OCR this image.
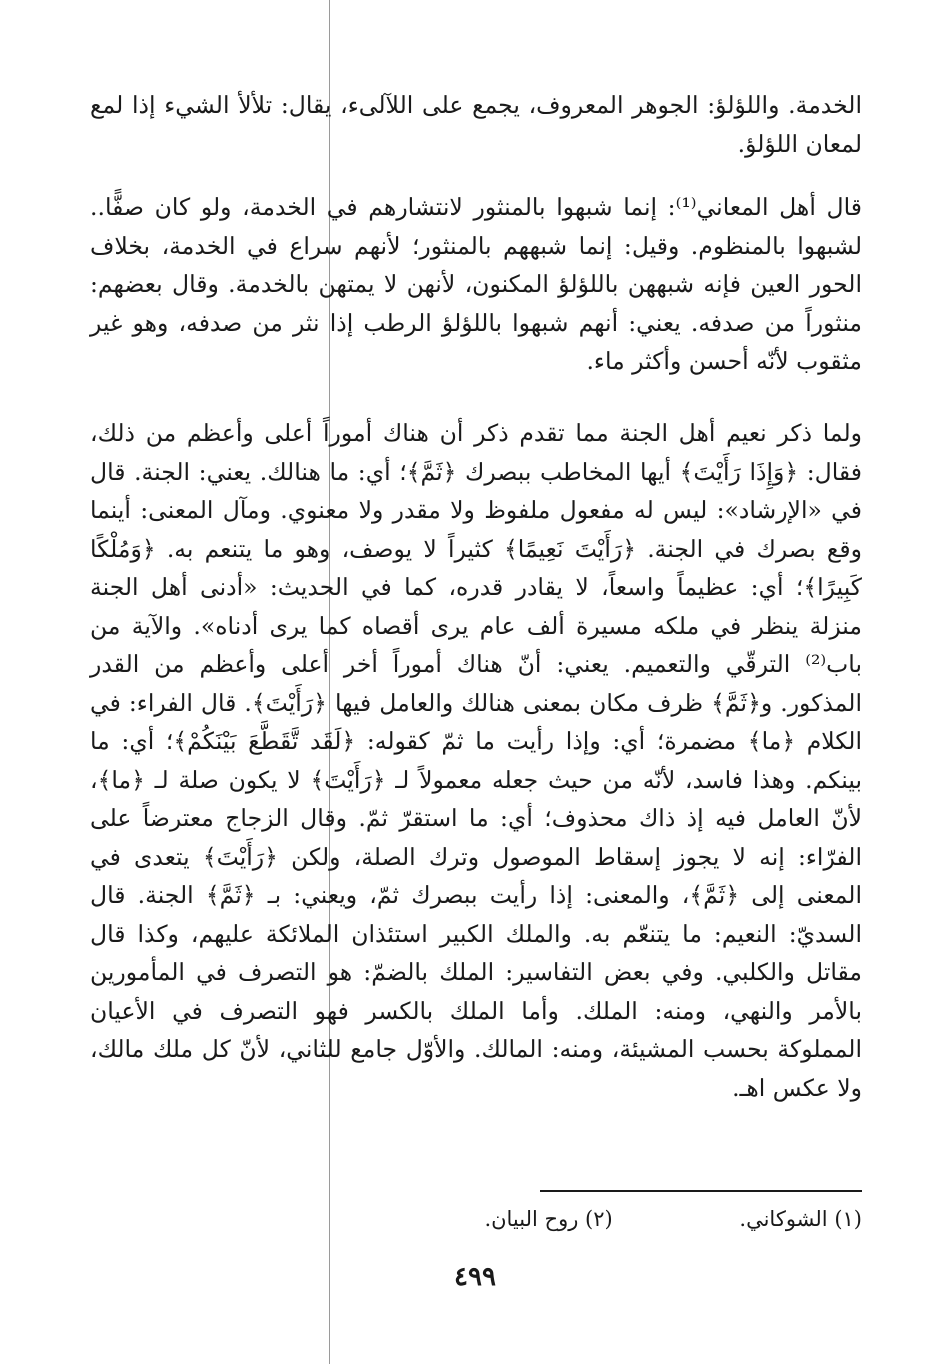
الخدمة. واللؤلؤ: الجوهر المعروف، يجمع على اللآلىء، يقال: تلألأ الشيء إذا لمع لمعان اللؤلؤ.

قال أهل المعاني⁽¹⁾: إنما شبهوا بالمنثور لانتشارهم في الخدمة، ولو كان صفًّا.. لشبهوا بالمنظوم. وقيل: إنما شبههم بالمنثور؛ لأنهم سراع في الخدمة، بخلاف الحور العين فإنه شبههن باللؤلؤ المكنون، لأنهن لا يمتهن بالخدمة. وقال بعضهم: منثوراً من صدفه. يعني: أنهم شبهوا باللؤلؤ الرطب إذا نثر من صدفه، وهو غير مثقوب لأنّه أحسن وأكثر ماء.

ولما ذكر نعيم أهل الجنة مما تقدم ذكر أن هناك أموراً أعلى وأعظم من ذلك، فقال: ﴿وَإِذَا رَأَيْتَ﴾ أيها المخاطب ببصرك ﴿ثَمَّ﴾؛ أي: ما هنالك. يعني: الجنة. قال في «الإرشاد»: ليس له مفعول ملفوظ ولا مقدر ولا معنوي. ومآل المعنى: أينما وقع بصرك في الجنة. ﴿رَأَيْتَ نَعِيمًا﴾ كثيراً لا يوصف، وهو ما يتنعم به. ﴿وَمُلْكًا كَبِيرًا﴾؛ أي: عظيماً واسعاً، لا يقادر قدره، كما في الحديث: «أدنى أهل الجنة منزلة ينظر في ملكه مسيرة ألف عام يرى أقصاه كما يرى أدناه». والآية من باب⁽²⁾ الترقّي والتعميم. يعني: أنّ هناك أموراً أخر أعلى وأعظم من القدر المذكور. و﴿ثَمَّ﴾ ظرف مكان بمعنى هنالك والعامل فيها ﴿رَأَيْتَ﴾. قال الفراء: في الكلام ﴿ما﴾ مضمرة؛ أي: وإذا رأيت ما ثمّ كقوله: ﴿لَقَد تَّقَطَّعَ بَيْنَكُمْ﴾؛ أي: ما بينكم. وهذا فاسد، لأنّه من حيث جعله معمولاً لـ ﴿رَأَيْتَ﴾ لا يكون صلة لـ ﴿ما﴾، لأنّ العامل فيه إذ ذاك محذوف؛ أي: ما استقرّ ثمّ. وقال الزجاج معترضاً على الفرّاء: إنه لا يجوز إسقاط الموصول وترك الصلة، ولكن ﴿رَأَيْتَ﴾ يتعدى في المعنى إلى ﴿ثَمَّ﴾، والمعنى: إذا رأيت ببصرك ثمّ، ويعني: بـ ﴿ثَمَّ﴾ الجنة. قال السديّ: النعيم: ما يتنعّم به. والملك الكبير استئذان الملائكة عليهم، وكذا قال مقاتل والكلبي. وفي بعض التفاسير: الملك بالضمّ: هو التصرف في المأمورين بالأمر والنهي، ومنه: الملك. وأما الملك بالكسر فهو التصرف في الأعيان المملوكة بحسب المشيئة، ومنه: المالك. والأوّل جامع للثاني، لأنّ كل ملك مالك، ولا عكس اهـ.

(١) الشوكاني. (٢) روح البيان.
٤٩٩
